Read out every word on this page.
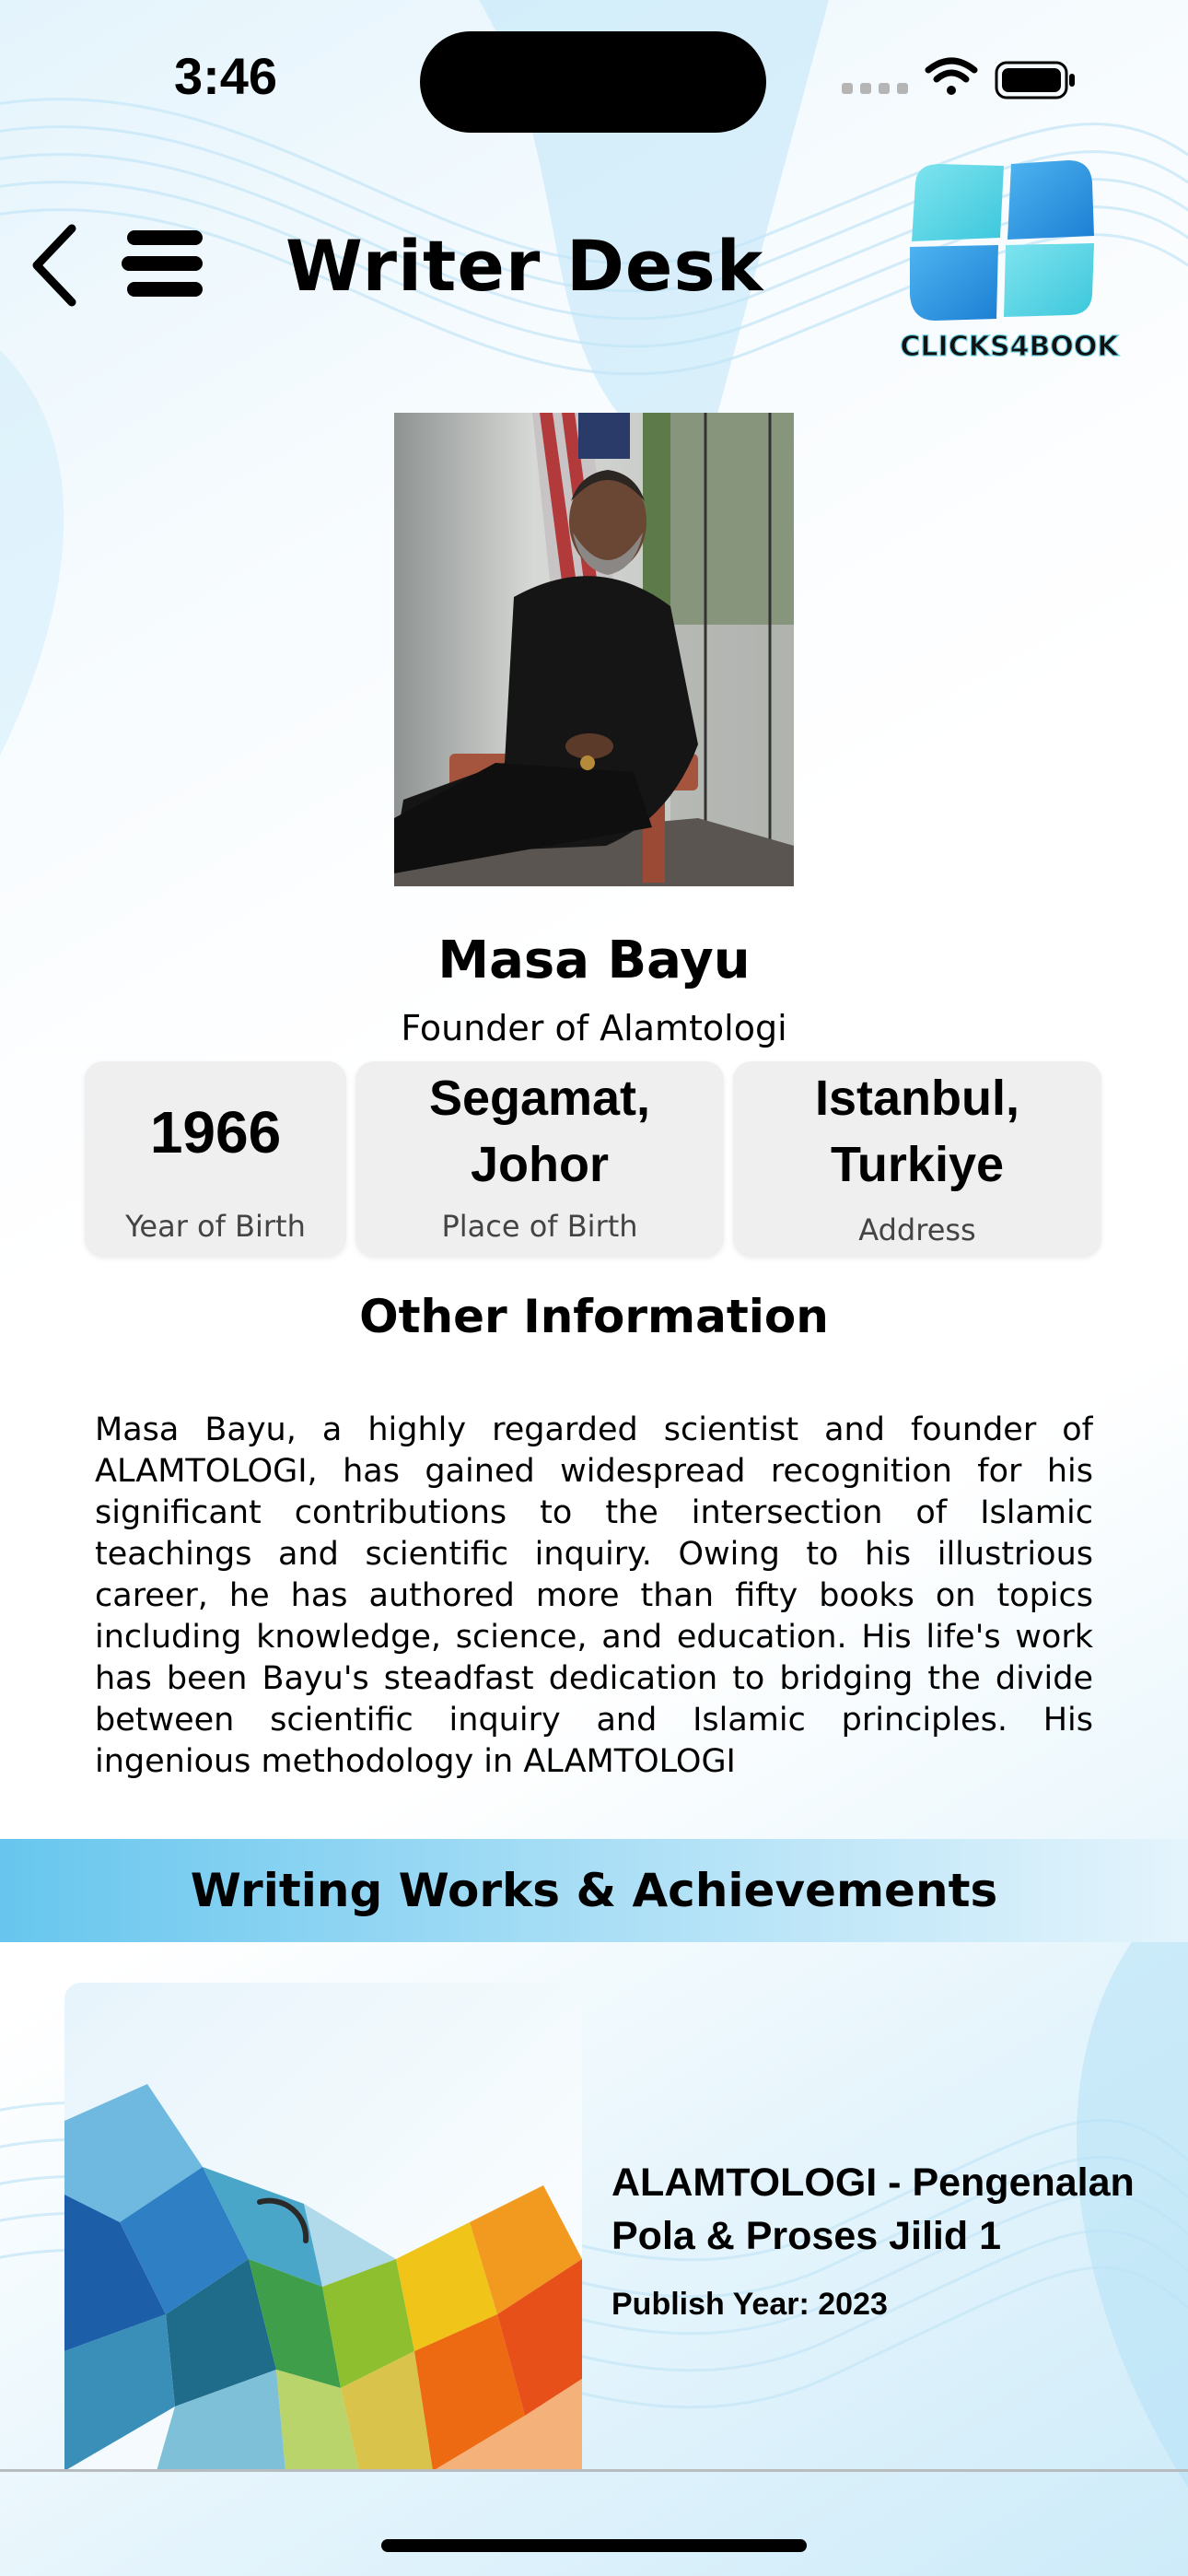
3:46
Writer Desk
CLICKS4BOOK
Masa Bayu
Founder of Alamtologi
1966
Year of Birth
Segamat,
Johor
Place of Birth
Istanbul,
Turkiye
Address
Other Information
Masa Bayu, a highly regarded scientist and founder of ALAMTOLOGI, has gained widespread recognition for his significant contributions to the intersection of Islamic teachings and scientific inquiry. Owing to his illustrious career, he has authored more than fifty books on topics including knowledge, science, and education. His life's work has been Bayu's steadfast dedication to bridging the divide between scientific inquiry and Islamic principles. His ingenious methodology in ALAMTOLOGI
Writing Works & Achievements
ALAMTOLOGI - Pengenalan Pola & Proses Jilid 1
Publish Year: 2023
